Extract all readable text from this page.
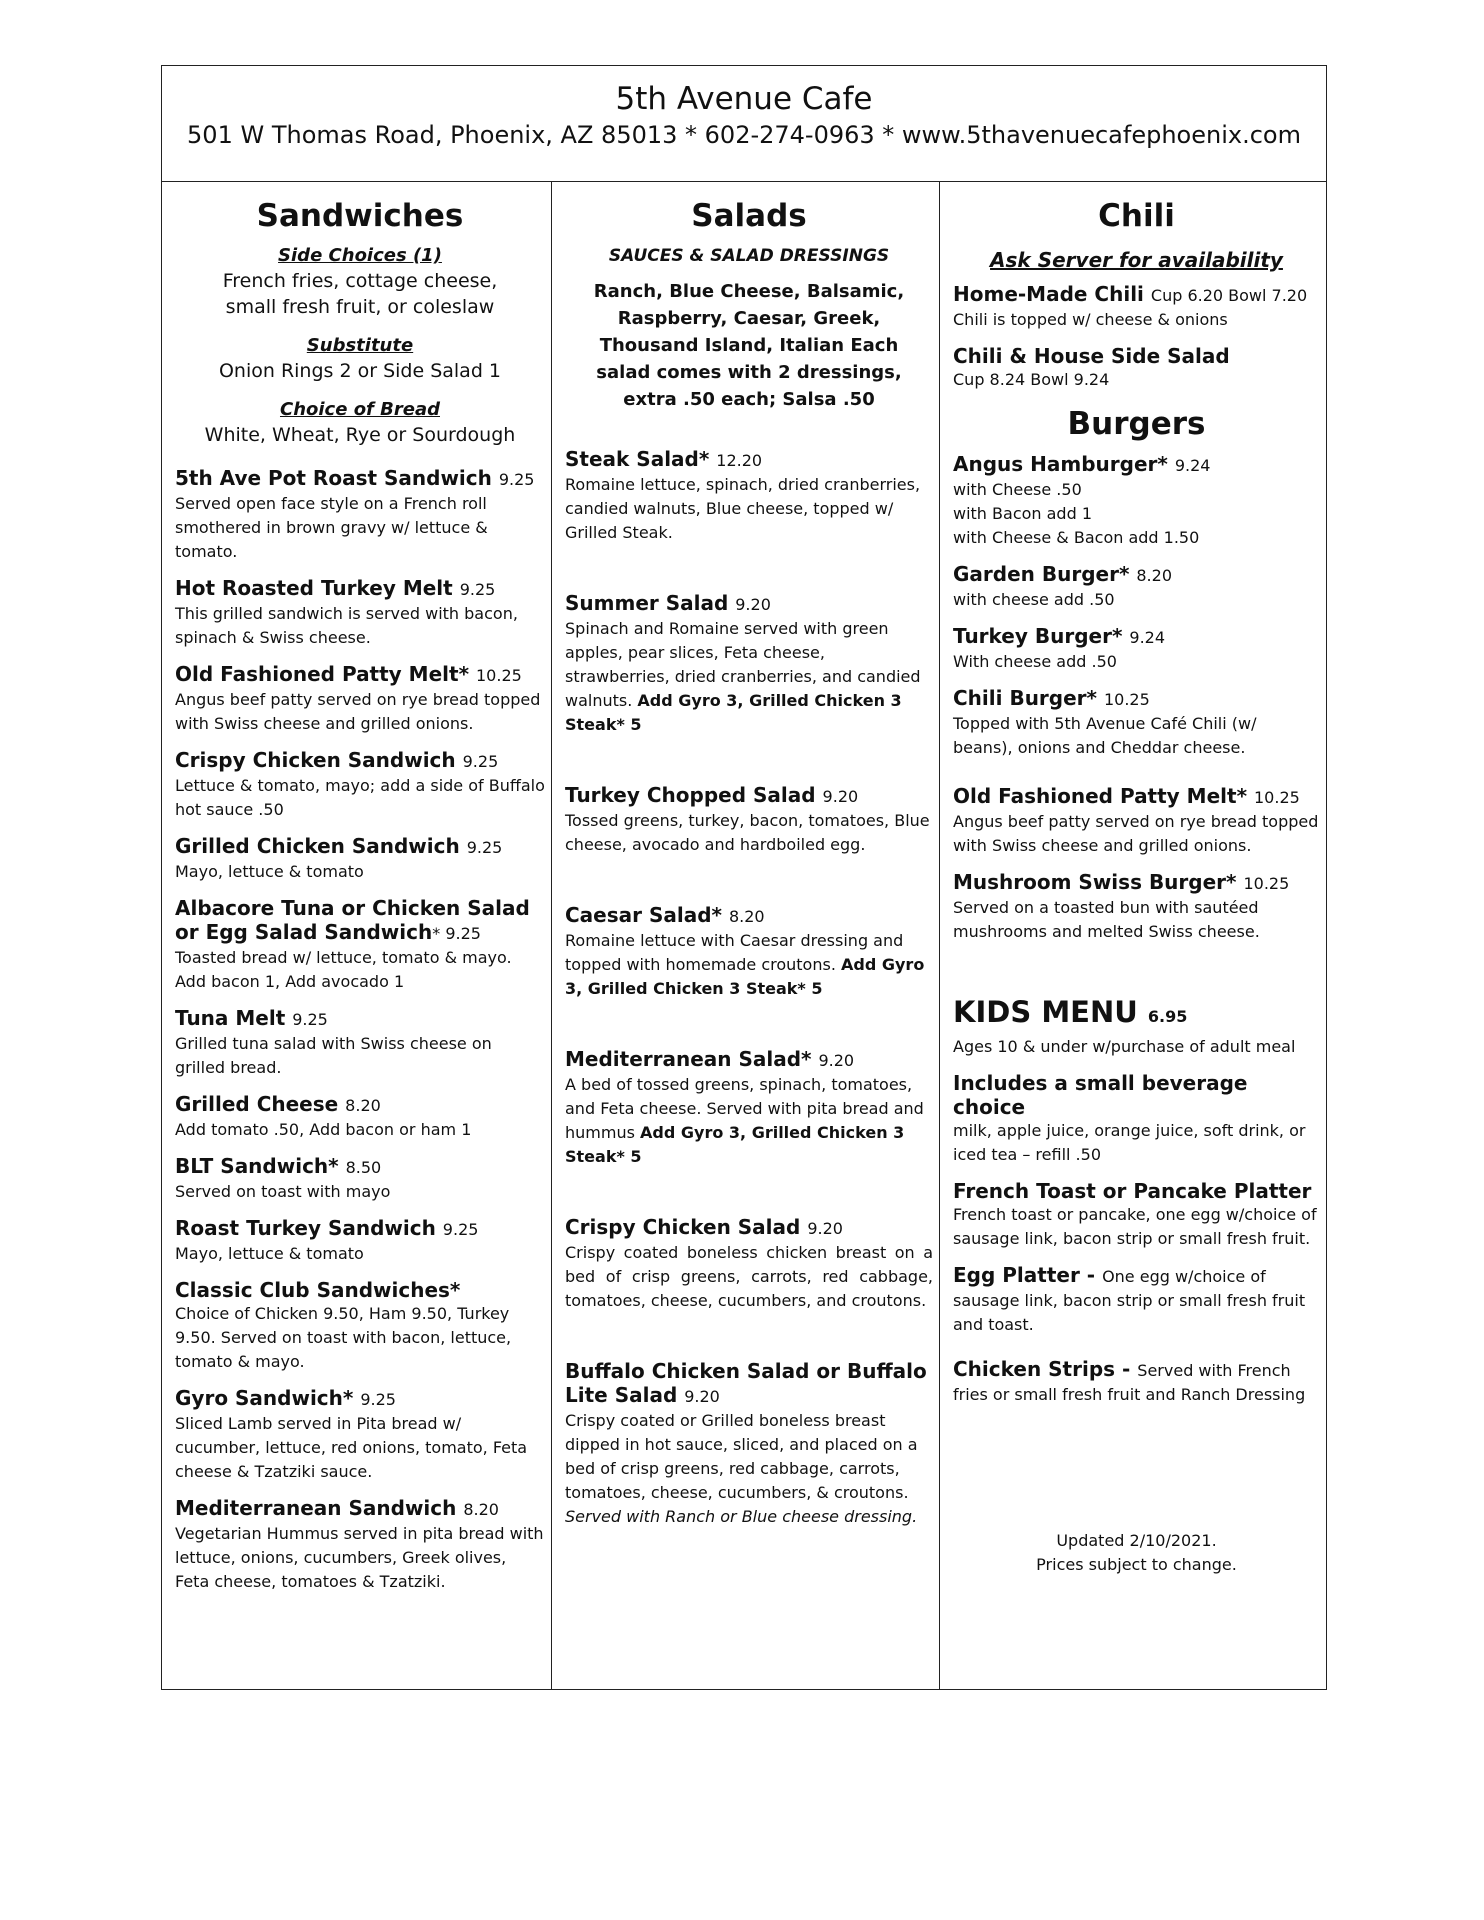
5th Avenue Cafe
501 W Thomas Road, Phoenix, AZ 85013 * 602-274-0963 * www.5thavenuecafephoenix.com
Sandwiches
Side Choices (1)
French fries, cottage cheese, small fresh fruit, or coleslaw
Substitute
Onion Rings 2 or Side Salad 1
Choice of Bread
White, Wheat, Rye or Sourdough
5th Ave Pot Roast Sandwich 9.25
Served open face style on a French roll smothered in brown gravy w/ lettuce & tomato.
Hot Roasted Turkey Melt 9.25
This grilled sandwich is served with bacon, spinach & Swiss cheese.
Old Fashioned Patty Melt* 10.25
Angus beef patty served on rye bread topped with Swiss cheese and grilled onions.
Crispy Chicken Sandwich 9.25
Lettuce & tomato, mayo; add a side of Buffalo hot sauce .50
Grilled Chicken Sandwich 9.25
Mayo, lettuce & tomato
Albacore Tuna or Chicken Salad or Egg Salad Sandwich* 9.25
Toasted bread w/ lettuce, tomato & mayo. Add bacon 1, Add avocado 1
Tuna Melt 9.25
Grilled tuna salad with Swiss cheese on grilled bread.
Grilled Cheese 8.20
Add tomato .50, Add bacon or ham 1
BLT Sandwich* 8.50
Served on toast with mayo
Roast Turkey Sandwich 9.25
Mayo, lettuce & tomato
Classic Club Sandwiches*
Choice of Chicken 9.50, Ham 9.50, Turkey 9.50. Served on toast with bacon, lettuce, tomato & mayo.
Gyro Sandwich* 9.25
Sliced Lamb served in Pita bread w/ cucumber, lettuce, red onions, tomato, Feta cheese & Tzatziki sauce.
Mediterranean Sandwich 8.20
Vegetarian Hummus served in pita bread with lettuce, onions, cucumbers, Greek olives, Feta cheese, tomatoes & Tzatziki.
Salads
SAUCES & SALAD DRESSINGS
Ranch, Blue Cheese, Balsamic, Raspberry, Caesar, Greek, Thousand Island, Italian Each salad comes with 2 dressings, extra .50 each; Salsa .50
Steak Salad* 12.20
Romaine lettuce, spinach, dried cranberries, candied walnuts, Blue cheese, topped w/ Grilled Steak.
Summer Salad 9.20
Spinach and Romaine served with green apples, pear slices, Feta cheese, strawberries, dried cranberries, and candied walnuts. Add Gyro 3, Grilled Chicken 3 Steak* 5
Turkey Chopped Salad 9.20
Tossed greens, turkey, bacon, tomatoes, Blue cheese, avocado and hardboiled egg.
Caesar Salad* 8.20
Romaine lettuce with Caesar dressing and topped with homemade croutons. Add Gyro 3, Grilled Chicken 3 Steak* 5
Mediterranean Salad* 9.20
A bed of tossed greens, spinach, tomatoes, and Feta cheese. Served with pita bread and hummus Add Gyro 3, Grilled Chicken 3 Steak* 5
Crispy Chicken Salad 9.20
Crispy coated boneless chicken breast on a bed of crisp greens, carrots, red cabbage, tomatoes, cheese, cucumbers, and croutons.
Buffalo Chicken Salad or Buffalo Lite Salad 9.20
Crispy coated or Grilled boneless breast dipped in hot sauce, sliced, and placed on a bed of crisp greens, red cabbage, carrots, tomatoes, cheese, cucumbers, & croutons. Served with Ranch or Blue cheese dressing.
Chili
Ask Server for availability
Home-Made Chili Cup 6.20 Bowl 7.20
Chili is topped w/ cheese & onions
Chili & House Side Salad
Cup 8.24 Bowl 9.24
Burgers
Angus Hamburger* 9.24
with Cheese .50
with Bacon add 1
with Cheese & Bacon add 1.50
Garden Burger* 8.20
with cheese add .50
Turkey Burger* 9.24
With cheese add .50
Chili Burger* 10.25
Topped with 5th Avenue Café Chili (w/ beans), onions and Cheddar cheese.
Old Fashioned Patty Melt* 10.25
Angus beef patty served on rye bread topped with Swiss cheese and grilled onions.
Mushroom Swiss Burger* 10.25
Served on a toasted bun with sautéed mushrooms and melted Swiss cheese.
KIDS MENU 6.95
Ages 10 & under w/purchase of adult meal
Includes a small beverage choice
milk, apple juice, orange juice, soft drink, or iced tea – refill .50
French Toast or Pancake Platter
French toast or pancake, one egg w/choice of sausage link, bacon strip or small fresh fruit.
Egg Platter - One egg w/choice of
sausage link, bacon strip or small fresh fruit and toast.
Chicken Strips - Served with French
fries or small fresh fruit and Ranch Dressing
Updated 2/10/2021.
Prices subject to change.
